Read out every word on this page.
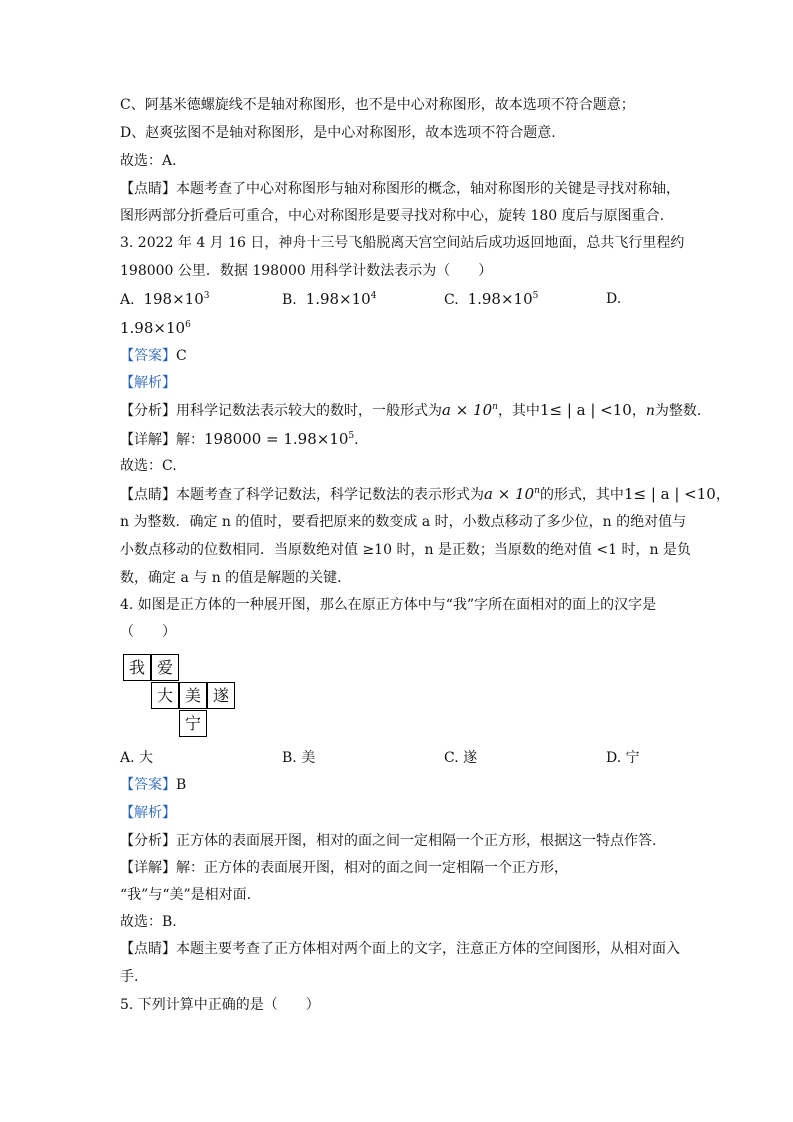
C、阿基米德螺旋线不是轴对称图形，也不是中心对称图形，故本选项不符合题意；
D、赵爽弦图不是轴对称图形，是中心对称图形，故本选项不符合题意.
故选：A.
【点睛】本题考查了中心对称图形与轴对称图形的概念，轴对称图形的关键是寻找对称轴，
图形两部分折叠后可重合，中心对称图形是要寻找对称中心，旋转 180 度后与原图重合.
3. 2022 年 4 月 16 日，神舟十三号飞船脱离天宫空间站后成功返回地面，总共飞行里程约
198000 公里．数据 198000 用科学计数法表示为（　　）
A. $198\times 10^3$	B. $1.98\times 10^4$	C. $1.98\times 10^5$	D.
$1.98\times 10^6$
【答案】C
【解析】
【分析】用科学记数法表示较大的数时，一般形式为$a \times 10^n$，其中1≤ | a | <10，n为整数.
【详解】解：$198000 = 1.98\times 10^5$.
故选：C.
【点睛】本题考查了科学记数法，科学记数法的表示形式为$a \times 10^n$的形式，其中1≤ | a | <10，
n 为整数．确定 n 的值时，要看把原来的数变成 a 时，小数点移动了多少位，n 的绝对值与
小数点移动的位数相同．当原数绝对值 ≥10 时，n 是正数；当原数的绝对值 <1 时，n 是负
数，确定 a 与 n 的值是解题的关键.
4. 如图是正方体的一种展开图，那么在原正方体中与“我”字所在面相对的面上的汉字是
（　　）
我 爱
大 美 遂
宁
A. 大	B. 美	C. 遂	D. 宁
【答案】B
【解析】
【分析】正方体的表面展开图，相对的面之间一定相隔一个正方形，根据这一特点作答.
【详解】解：正方体的表面展开图，相对的面之间一定相隔一个正方形，
“我”与“美”是相对面.
故选：B.
【点睛】本题主要考查了正方体相对两个面上的文字，注意正方体的空间图形，从相对面入
手.
5. 下列计算中正确的是（　　）
